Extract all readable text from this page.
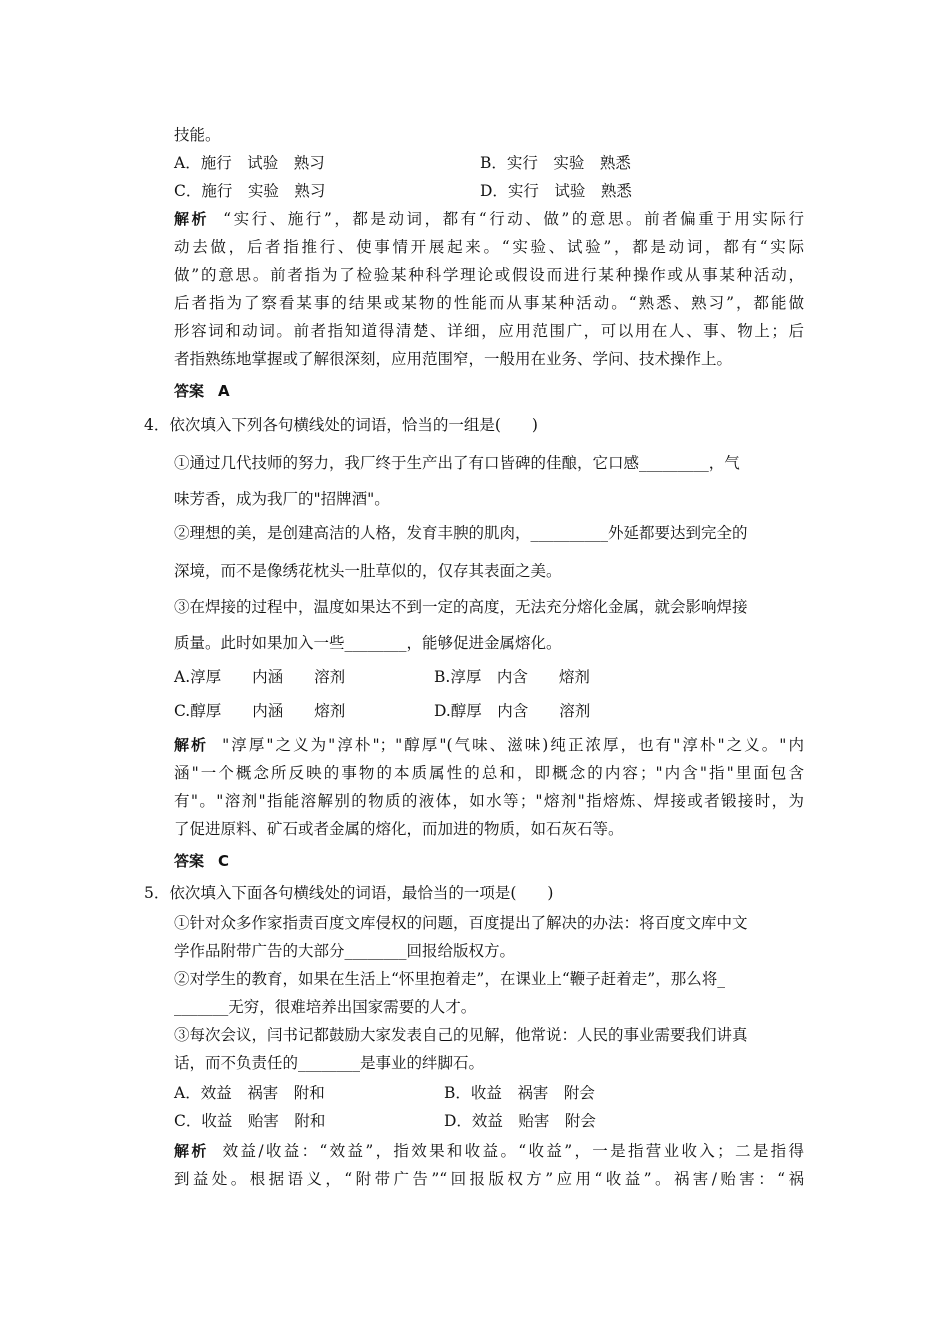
技能。
A．施行　试验　熟习	B．实行　实验　熟悉
C．施行　实验　熟习	D．实行　试验　熟悉
解析 “实行、施行”，都是动词，都有“行动、做”的意思。前者偏重于用实际行
动去做，后者指推行、使事情开展起来。“实验、试验”，都是动词，都有“实际
做”的意思。前者指为了检验某种科学理论或假设而进行某种操作或从事某种活动，
后者指为了察看某事的结果或某物的性能而从事某种活动。“熟悉、熟习”，都能做
形容词和动词。前者指知道得清楚、详细，应用范围广，可以用在人、事、物上；后
者指熟练地掌握或了解很深刻，应用范围窄，一般用在业务、学问、技术操作上。
答案 A
4．依次填入下列各句横线处的词语，恰当的一组是(　　)
①通过几代技师的努力，我厂终于生产出了有口皆碑的佳酿，它口感_________，气
味芳香，成为我厂的"招牌酒"。
②理想的美，是创建高洁的人格，发育丰腴的肌肉，__________外延都要达到完全的
深境，而不是像绣花枕头一肚草似的，仅存其表面之美。
③在焊接的过程中，温度如果达不到一定的高度，无法充分熔化金属，就会影响焊接
质量。此时如果加入一些________，能够促进金属熔化。
A.淳厚　　内涵　　溶剂	B.淳厚　内含　　熔剂
C.醇厚　　内涵　　熔剂	D.醇厚　内含　　溶剂
解析 "淳厚"之义为"淳朴"；"醇厚"(气味、滋味)纯正浓厚，也有"淳朴"之义。"内
涵"一个概念所反映的事物的本质属性的总和，即概念的内容；"内含"指"里面包含
有"。"溶剂"指能溶解别的物质的液体，如水等；"熔剂"指熔炼、焊接或者锻接时，为
了促进原料、矿石或者金属的熔化，而加进的物质，如石灰石等。
答案 C
5．依次填入下面各句横线处的词语，最恰当的一项是(　　)
①针对众多作家指责百度文库侵权的问题，百度提出了解决的办法：将百度文库中文
学作品附带广告的大部分________回报给版权方。
②对学生的教育，如果在生活上“怀里抱着走”，在课业上“鞭子赶着走”，那么将_
_______无穷，很难培养出国家需要的人才。
③每次会议，闫书记都鼓励大家发表自己的见解，他常说：人民的事业需要我们讲真
话，而不负责任的________是事业的绊脚石。
A．效益　祸害　附和	B．收益　祸害　附会
C．收益　贻害　附和	D．效益　贻害　附会
解析 效益/收益：“效益”，指效果和收益。“收益”，一是指营业收入；二是指得
到益处。根据语义，“附带广告”“回报版权方”应用“收益”。祸害/贻害：“祸
